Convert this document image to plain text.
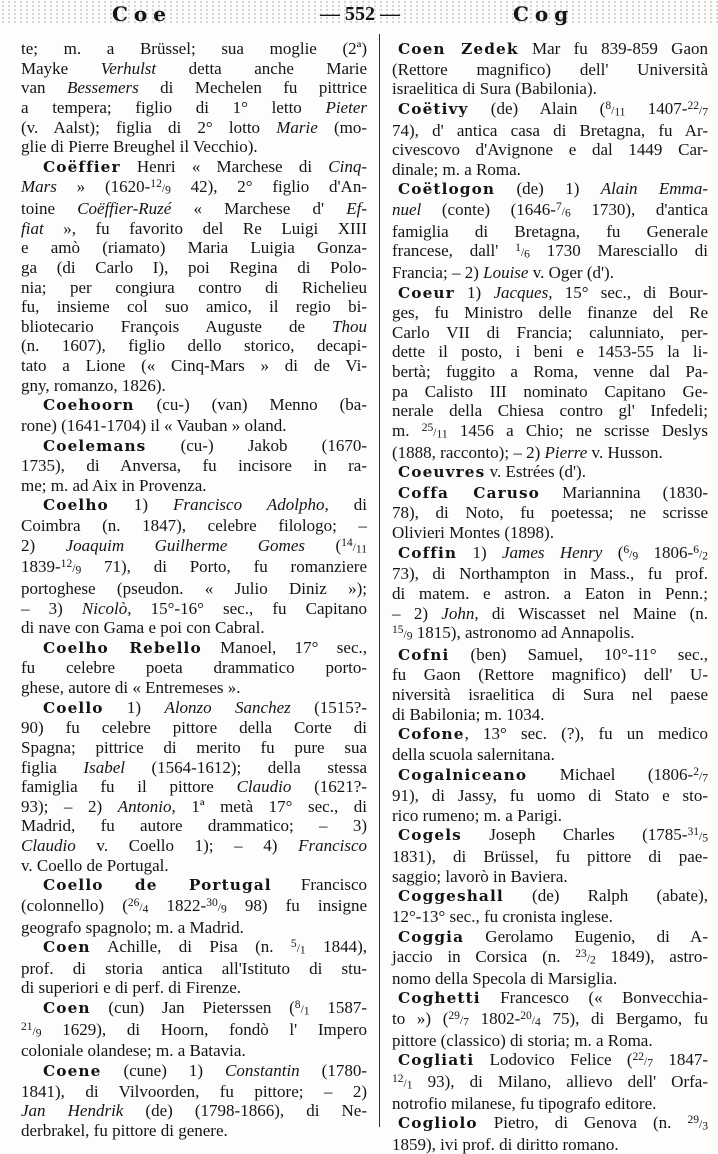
Coe	— 552 —	Cog
te; m. a Brüssel; sua moglie (2ª)
Mayke Verhulst detta anche Marie
van Bessemers di Mechelen fu pittrice
a tempera; figlio di 1° letto Pieter
(v. Aalst); figlia di 2° lotto Marie (mo-
glie di Pierre Breughel il Vecchio).
Coëffier Henri « Marchese di Cinq-
Mars » ($1620-^{12}/_9$ 42), 2° figlio d'An-
toine Coëffier-Ruzé « Marchese d' Ef-
fiat », fu favorito del Re Luigi XIII
e amò (riamato) Maria Luigia Gonza-
ga (di Carlo I), poi Regina di Polo-
nia; per congiura contro di Richelieu
fu, insieme col suo amico, il regio bi-
bliotecario François Auguste de Thou
(n. 1607), figlio dello storico, decapi-
tato a Lione (« Cinq-Mars » di de Vi-
gny, romanzo, 1826).
Coehoorn (cu-) (van) Menno (ba-
rone) (1641-1704) il « Vauban » oland.
Coelemans (cu-) Jakob (1670-
1735), di Anversa, fu incisore in ra-
me; m. ad Aix in Provenza.
Coelho 1) Francisco Adolpho, di
Coimbra (n. 1847), celebre filologo; –
2) Joaquim Guilherme Gomes ($^{14}/_{11}$
$1839-^{12}/_9$ 71), di Porto, fu romanziere
portoghese (pseudon. « Julio Diniz »);
– 3) Nicolò, 15°-16° sec., fu Capitano
di nave con Gama e poi con Cabral.
Coelho Rebello Manoel, 17° sec.,
fu celebre poeta drammatico porto-
ghese, autore di « Entremeses ».
Coello 1) Alonzo Sanchez (1515?-
90) fu celebre pittore della Corte di
Spagna; pittrice di merito fu pure sua
figlia Isabel (1564-1612); della stessa
famiglia fu il pittore Claudio (1621?-
93); – 2) Antonio, 1ª metà 17° sec., di
Madrid, fu autore drammatico; – 3)
Claudio v. Coello 1); – 4) Francisco
v. Coello de Portugal.
Coello de Portugal Francisco
(colonnello) ($^{26}/_4$ $1822-^{30}/_9$ 98) fu insigne
geografo spagnolo; m. a Madrid.
Coen Achille, di Pisa (n. $^5/_1$ 1844),
prof. di storia antica all'Istituto di stu-
di superiori e di perf. di Firenze.
Coen (cun) Jan Pieterssen ($^8/_1$ 1587-
$^{21}/_9$ 1629), di Hoorn, fondò l' Impero
coloniale olandese; m. a Batavia.
Coene (cune) 1) Constantin (1780-
1841), di Vilvoorden, fu pittore; – 2)
Jan Hendrik (de) (1798-1866), di Ne-
derbrakel, fu pittore di genere.
Coen Zedek Mar fu 839-859 Gaon
(Rettore magnifico) dell' Università
israelitica di Sura (Babilonia).
Coëtivy (de) Alain ($^8/_{11}$ $1407-^{22}/_7$
74), d' antica casa di Bretagna, fu Ar-
civescovo d'Avignone e dal 1449 Car-
dinale; m. a Roma.
Coëtlogon (de) 1) Alain Emma-
nuel (conte) ($1646-^7/_6$ 1730), d'antica
famiglia di Bretagna, fu Generale
francese, dall' $^1/_6$ 1730 Maresciallo di
Francia; – 2) Louise v. Oger (d').
Coeur 1) Jacques, 15° sec., di Bour-
ges, fu Ministro delle finanze del Re
Carlo VII di Francia; calunniato, per-
dette il posto, i beni e 1453-55 la li-
bertà; fuggito a Roma, venne dal Pa-
pa Calisto III nominato Capitano Ge-
nerale della Chiesa contro gl' Infedeli;
m. $^{25}/_{11}$ 1456 a Chio; ne scrisse Deslys
(1888, racconto); – 2) Pierre v. Husson.
Coeuvres v. Estrées (d').
Coffa Caruso Mariannina (1830-
78), di Noto, fu poetessa; ne scrisse
Olivieri Montes (1898).
Coffin 1) James Henry ($^6/_9$ $1806-^6/_2$
73), di Northampton in Mass., fu prof.
di matem. e astron. a Eaton in Penn.;
– 2) John, di Wiscasset nel Maine (n.
$^{15}/_9$ 1815), astronomo ad Annapolis.
Cofni (ben) Samuel, 10°-11° sec.,
fu Gaon (Rettore magnifico) dell' U-
niversità israelitica di Sura nel paese
di Babilonia; m. 1034.
Cofone, 13° sec. (?), fu un medico
della scuola salernitana.
Cogalniceano Michael ($1806-^2/_7$
91), di Jassy, fu uomo di Stato e sto-
rico rumeno; m. a Parigi.
Cogels Joseph Charles ($1785-^{31}/_5$
1831), di Brüssel, fu pittore di pae-
saggio; lavorò in Baviera.
Coggeshall (de) Ralph (abate),
12°-13° sec., fu cronista inglese.
Coggia Gerolamo Eugenio, di A-
jaccio in Corsica (n. $^{23}/_2$ 1849), astro-
nomo della Specola di Marsiglia.
Coghetti Francesco (« Bonvecchia-
to ») ($^{29}/_7$ $1802-^{20}/_4$ 75), di Bergamo, fu
pittore (classico) di storia; m. a Roma.
Cogliati Lodovico Felice ($^{22}/_7$ 1847-
$^{12}/_1$ 93), di Milano, allievo dell' Orfa-
notrofio milanese, fu tipografo editore.
Cogliolo Pietro, di Genova (n. $^{29}/_3$
1859), ivi prof. di diritto romano.
